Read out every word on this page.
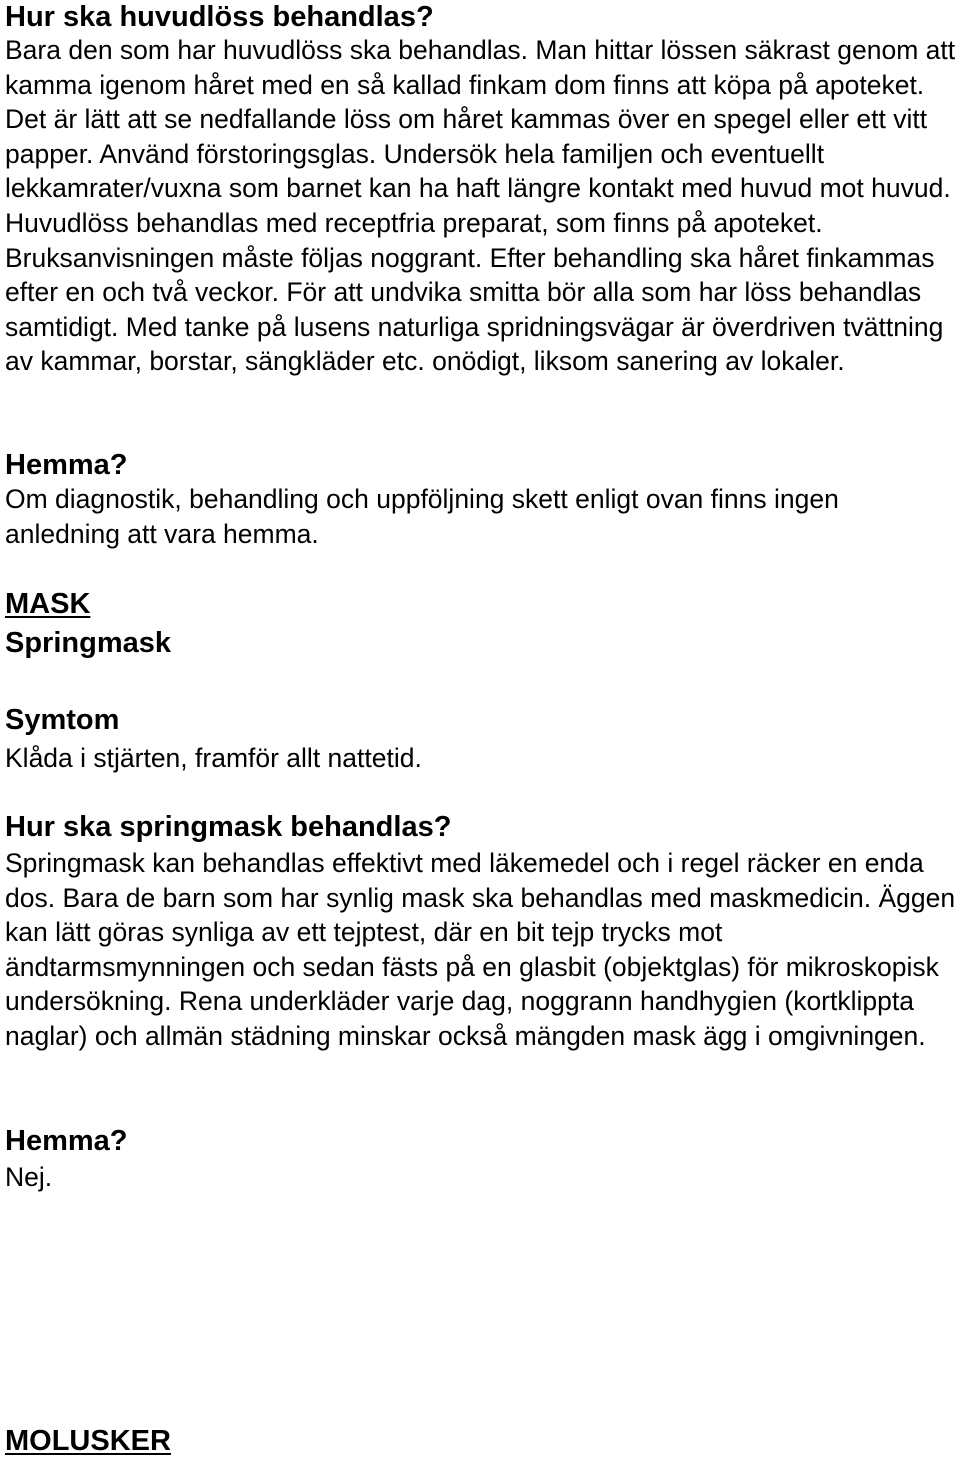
Hur ska huvudlöss behandlas?

Bara den som har huvudlöss ska behandlas. Man hittar lössen säkrast genom att kamma igenom håret med en så kallad finkam dom finns att köpa på apoteket. Det är lätt att se nedfallande löss om håret kammas över en spegel eller ett vitt papper. Använd förstoringsglas. Undersök hela familjen och eventuellt lekkamrater/vuxna som barnet kan ha haft längre kontakt med huvud mot huvud. Huvudlöss behandlas med receptfria preparat, som finns på apoteket. Bruksanvisningen måste följas noggrant. Efter behandling ska håret finkammas efter en och två veckor. För att undvika smitta bör alla som har löss behandlas samtidigt. Med tanke på lusens naturliga spridningsvägar är överdriven tvättning av kammar, borstar, sängkläder etc. onödigt, liksom sanering av lokaler.

Hemma?

Om diagnostik, behandling och uppföljning skett enligt ovan finns ingen anledning att vara hemma.

MASK
Springmask
Symtom

Klåda i stjärten, framför allt nattetid.

Hur ska springmask behandlas?

Springmask kan behandlas effektivt med läkemedel och i regel räcker en enda dos. Bara de barn som har synlig mask ska behandlas med maskmedicin. Äggen kan lätt göras synliga av ett tejptest, där en bit tejp trycks mot ändtarmsmynningen och sedan fästs på en glasbit (objektglas) för mikroskopisk undersökning. Rena underkläder varje dag, noggrann handhygien (kortklippta naglar) och allmän städning minskar också mängden mask ägg i omgivningen.

Hemma?

Nej.

MOLUSKER
